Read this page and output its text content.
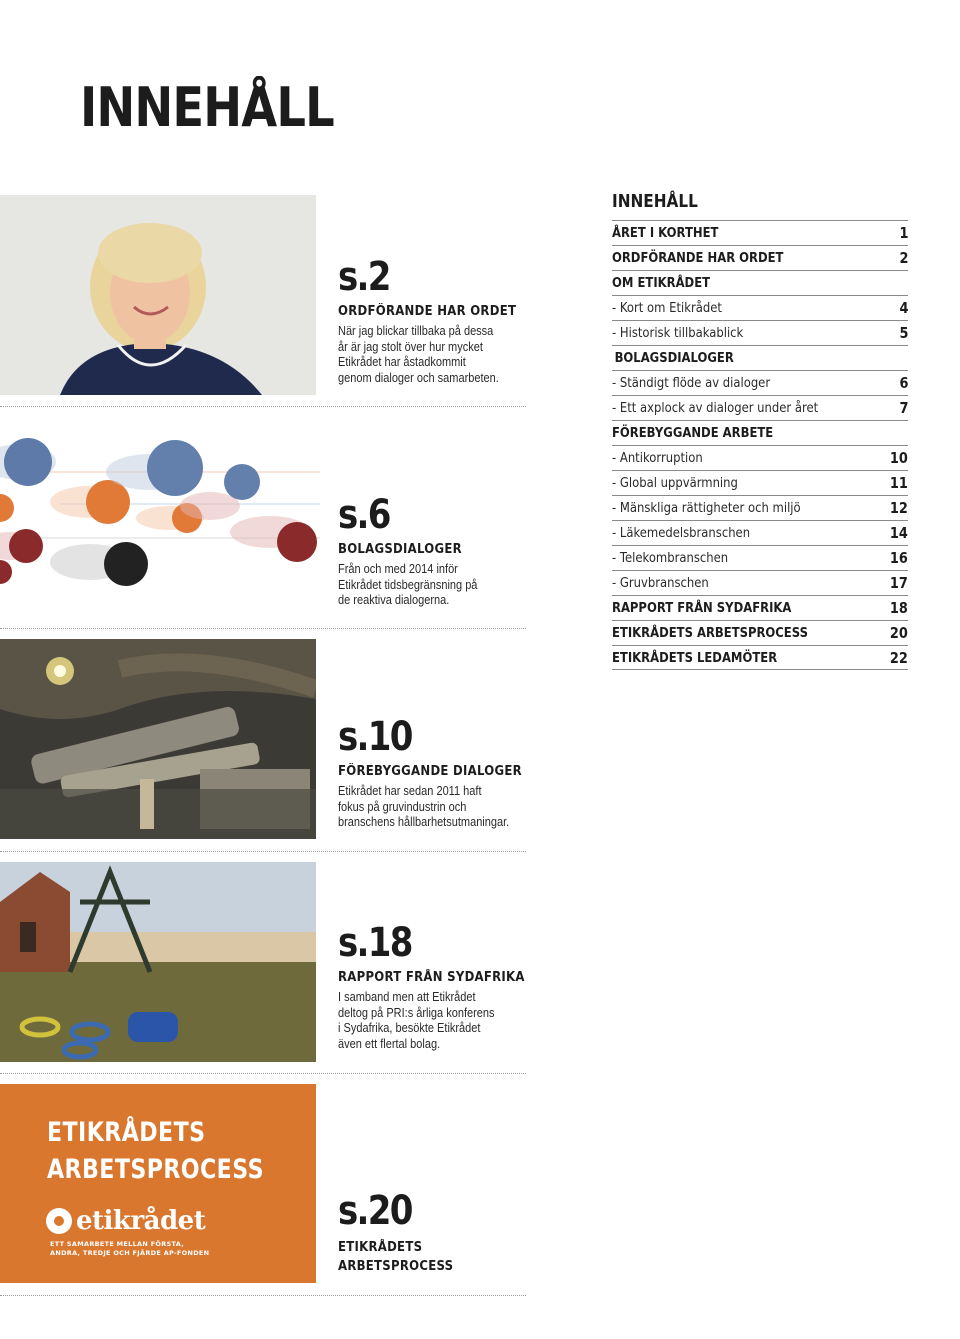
INNEHÅLL
s.2
ORDFÖRANDE HAR ORDET
När jag blickar tillbaka på dessa
år är jag stolt över hur mycket
Etikrådet har åstadkommit
genom dialoger och samarbeten.
s.6
BOLAGSDIALOGER
Från och med 2014 inför
Etikrådet tidsbegränsning på
de reaktiva dialogerna.
s.10
FÖREBYGGANDE DIALOGER
Etikrådet har sedan 2011 haft
fokus på gruvindustrin och
branschens hållbarhetsutmaningar.
s.18
RAPPORT FRÅN SYDAFRIKA
I samband men att Etikrådet
deltog på PRI:s årliga konferens
i Sydafrika, besökte Etikrådet
även ett flertal bolag.
ETIKRÅDETS
ARBETSPROCESS
etikrådet
ETT SAMARBETE MELLAN FÖRSTA,
ANDRA, TREDJE OCH FJÄRDE AP-FONDEN
s.20
ETIKRÅDETS
ARBETSPROCESS
INNEHÅLL
ÅRET I KORTHET	1
ORDFÖRANDE HAR ORDET	2
OM ETIKRÅDET
- Kort om Etikrådet	4
- Historisk tillbakablick	5
BOLAGSDIALOGER
- Ständigt flöde av dialoger	6
- Ett axplock av dialoger under året	7
FÖREBYGGANDE ARBETE
- Antikorruption	10
- Global uppvärmning	11
- Mänskliga rättigheter och miljö	12
- Läkemedelsbranschen	14
- Telekombranschen	16
- Gruvbranschen	17
RAPPORT FRÅN SYDAFRIKA	18
ETIKRÅDETS ARBETSPROCESS	20
ETIKRÅDETS LEDAMÖTER	22
